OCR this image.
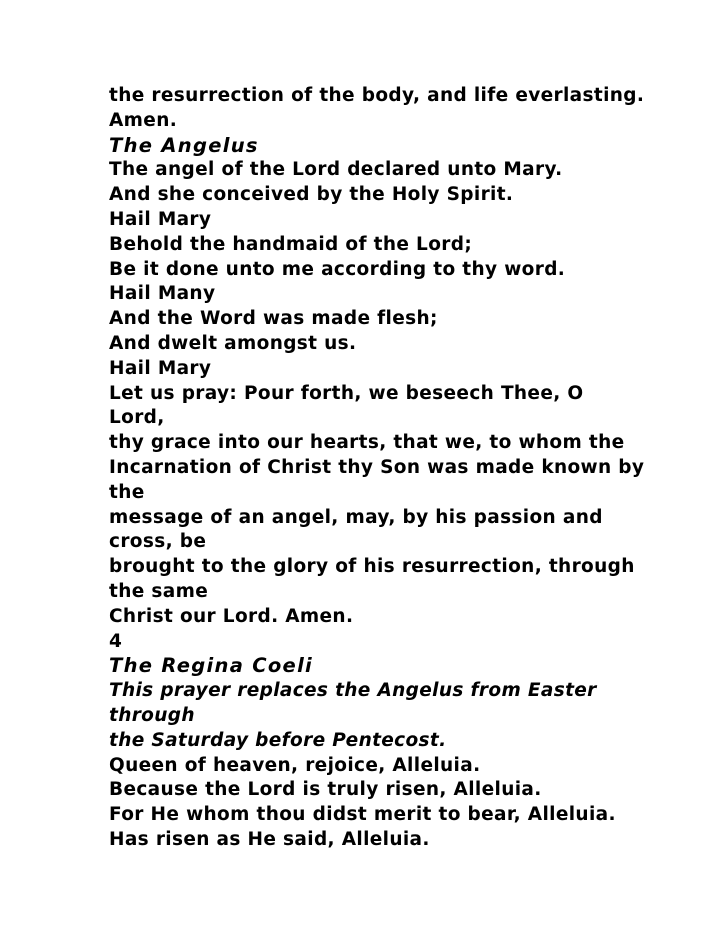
the resurrection of the body, and life everlasting.
Amen.
The Angelus
The angel of the Lord declared unto Mary.
And she conceived by the Holy Spirit.
Hail Mary
Behold the handmaid of the Lord;
Be it done unto me according to thy word.
Hail Many
And the Word was made flesh;
And dwelt amongst us.
Hail Mary
Let us pray: Pour forth, we beseech Thee, O
Lord,
thy grace into our hearts, that we, to whom the
Incarnation of Christ thy Son was made known by
the
message of an angel, may, by his passion and
cross, be
brought to the glory of his resurrection, through
the same
Christ our Lord. Amen.
4
The Regina Coeli
This prayer replaces the Angelus from Easter
through
the Saturday before Pentecost.
Queen of heaven, rejoice, Alleluia.
Because the Lord is truly risen, Alleluia.
For He whom thou didst merit to bear, Alleluia.
Has risen as He said, Alleluia.
